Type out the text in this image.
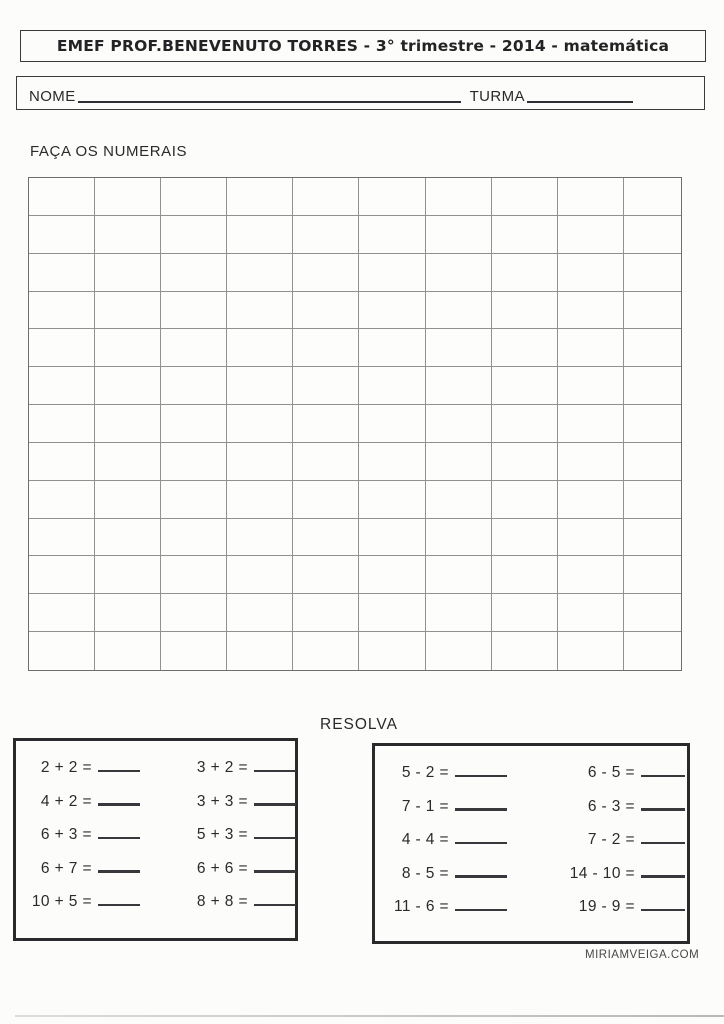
EMEF PROF.BENEVENUTO TORRES - 3° trimestre - 2014 - matemática
NOME	TURMA
FAÇA OS NUMERAIS
RESOLVA
2 + 2 =
4 + 2 =
6 + 3 =
6 + 7 =
10 + 5 =
3 + 2 =
3 + 3 =
5 + 3 =
6 + 6 =
8 + 8 =
5 - 2 =
7 - 1 =
4 - 4 =
8 - 5 =
11 - 6 =
6 - 5 =
6 - 3 =
7 - 2 =
14 - 10 =
19 - 9 =
MIRIAMVEIGA.COM
